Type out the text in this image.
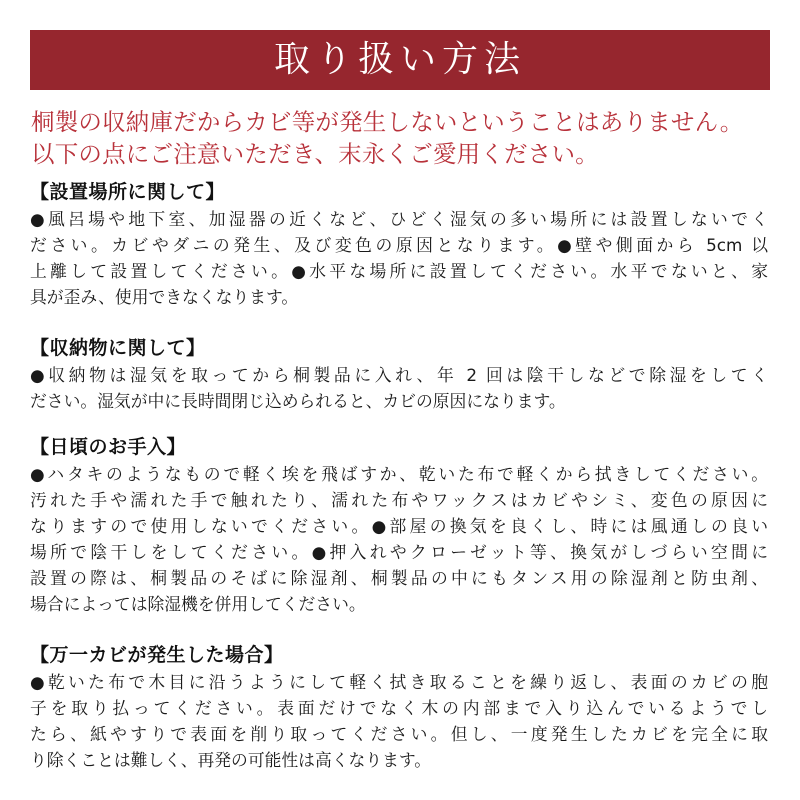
取り扱い方法
桐製の収納庫だからカビ等が発生しないということはありません。
以下の点にご注意いただき、末永くご愛用ください。
【設置場所に関して】
●風呂場や地下室、加湿器の近くなど、ひどく湿気の多い場所には設置しないでく
ださい。カビやダニの発生、及び変色の原因となります。●壁や側面から 5cm 以
上離して設置してください。●水平な場所に設置してください。水平でないと、家
具が歪み、使用できなくなります。
【収納物に関して】
●収納物は湿気を取ってから桐製品に入れ、年 2 回は陰干しなどで除湿をしてく
ださい。湿気が中に長時間閉じ込められると、カビの原因になります。
【日頃のお手入】
●ハタキのようなもので軽く埃を飛ばすか、乾いた布で軽くから拭きしてください。
汚れた手や濡れた手で触れたり、濡れた布やワックスはカビやシミ、変色の原因に
なりますので使用しないでください。●部屋の換気を良くし、時には風通しの良い
場所で陰干しをしてください。●押入れやクローゼット等、換気がしづらい空間に
設置の際は、桐製品のそばに除湿剤、桐製品の中にもタンス用の除湿剤と防虫剤、
場合によっては除湿機を併用してください。
【万一カビが発生した場合】
●乾いた布で木目に沿うようにして軽く拭き取ることを繰り返し、表面のカビの胞
子を取り払ってください。表面だけでなく木の内部まで入り込んでいるようでし
たら、紙やすりで表面を削り取ってください。但し、一度発生したカビを完全に取
り除くことは難しく、再発の可能性は高くなります。
